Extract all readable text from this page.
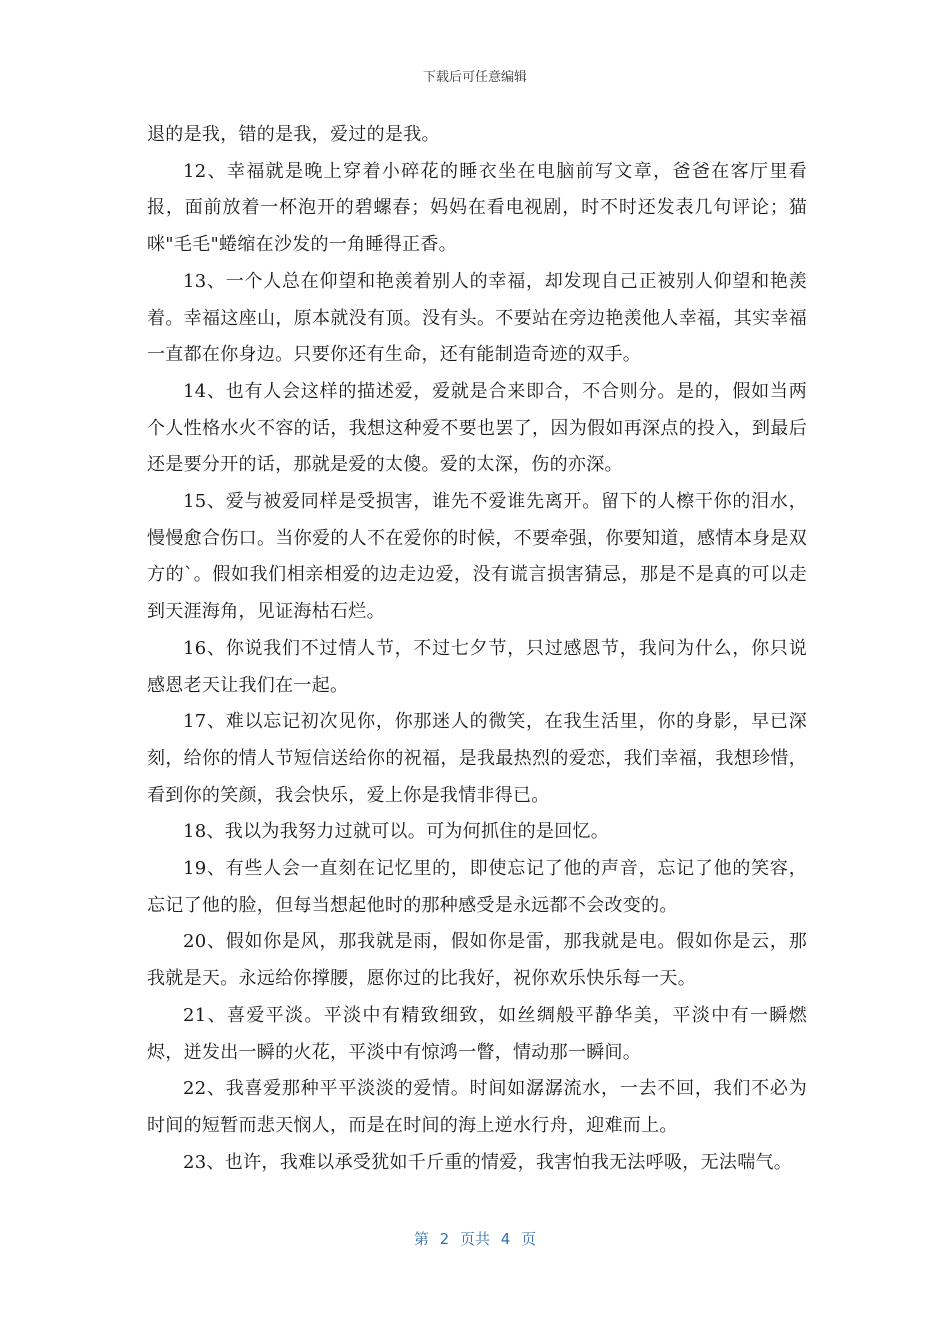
下载后可任意编辑

退的是我，错的是我，爱过的是我。

12、幸福就是晚上穿着小碎花的睡衣坐在电脑前写文章，爸爸在客厅里看报，面前放着一杯泡开的碧螺春；妈妈在看电视剧，时不时还发表几句评论；猫咪"毛毛"蜷缩在沙发的一角睡得正香。

13、一个人总在仰望和艳羡着别人的幸福，却发现自己正被别人仰望和艳羡着。幸福这座山，原本就没有顶。没有头。不要站在旁边艳羡他人幸福，其实幸福一直都在你身边。只要你还有生命，还有能制造奇迹的双手。

14、也有人会这样的描述爱，爱就是合来即合，不合则分。是的，假如当两个人性格水火不容的话，我想这种爱不要也罢了，因为假如再深点的投入，到最后还是要分开的话，那就是爱的太傻。爱的太深，伤的亦深。

15、爱与被爱同样是受损害，谁先不爱谁先离开。留下的人檫干你的泪水，慢慢愈合伤口。当你爱的人不在爱你的时候，不要牵强，你要知道，感情本身是双方的`。假如我们相亲相爱的边走边爱，没有谎言损害猜忌，那是不是真的可以走到天涯海角，见证海枯石烂。

16、你说我们不过情人节，不过七夕节，只过感恩节，我问为什么，你只说感恩老天让我们在一起。

17、难以忘记初次见你，你那迷人的微笑，在我生活里，你的身影，早已深刻，给你的情人节短信送给你的祝福，是我最热烈的爱恋，我们幸福，我想珍惜，看到你的笑颜，我会快乐，爱上你是我情非得已。

18、我以为我努力过就可以。可为何抓住的是回忆。

19、有些人会一直刻在记忆里的，即使忘记了他的声音，忘记了他的笑容，忘记了他的脸，但每当想起他时的那种感受是永远都不会改变的。

20、假如你是风，那我就是雨，假如你是雷，那我就是电。假如你是云，那我就是天。永远给你撑腰，愿你过的比我好，祝你欢乐快乐每一天。

21、喜爱平淡。平淡中有精致细致，如丝绸般平静华美，平淡中有一瞬燃烬，迸发出一瞬的火花，平淡中有惊鸿一瞥，情动那一瞬间。

22、我喜爱那种平平淡淡的爱情。时间如潺潺流水，一去不回，我们不必为时间的短暂而悲天悯人，而是在时间的海上逆水行舟，迎难而上。

23、也许，我难以承受犹如千斤重的情爱，我害怕我无法呼吸，无法喘气。

第 2 页共 4 页
